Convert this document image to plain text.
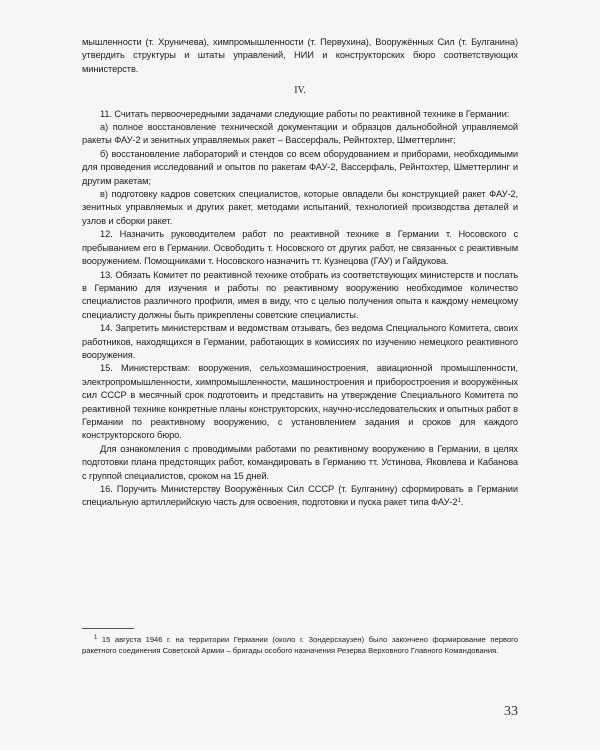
мышленности (т. Хруничева), химпромышленности (т. Первухина), Вооружённых Сил (т. Булганина) утвердить структуры и штаты управлений, НИИ и конструкторских бюро соответствующих министерств.

IV.

11. Считать первоочередными задачами следующие работы по реактивной технике в Германии:

а) полное восстановление технической документации и образцов дальнобойной управляемой ракеты ФАУ-2 и зенитных управляемых ракет – Вассерфаль, Рейнтохтер, Шметтерлинг;

б) восстановление лабораторий и стендов со всем оборудованием и приборами, необходимыми для проведения исследований и опытов по ракетам ФАУ-2, Вассерфаль, Рейнтохтер, Шметтерлинг и другим ракетам;

в) подготовку кадров советских специалистов, которые овладели бы конструкцией ракет ФАУ-2, зенитных управляемых и других ракет, методами испытаний, технологией производства деталей и узлов и сборки ракет.

12. Назначить руководителем работ по реактивной технике в Германии т. Носовского с пребыванием его в Германии. Освободить т. Носовского от других работ, не связанных с реактивным вооружением. Помощниками т. Носовского назначить тт. Кузнецова (ГАУ) и Гайдукова.

13. Обязать Комитет по реактивной технике отобрать из соответствующих министерств и послать в Германию для изучения и работы по реактивному вооружению необходимое количество специалистов различного профиля, имея в виду, что с целью получения опыта к каждому немецкому специалисту должны быть прикреплены советские специалисты.

14. Запретить министерствам и ведомствам отзывать, без ведома Специального Комитета, своих работников, находящихся в Германии, работающих в комиссиях по изучению немецкого реактивного вооружения.

15. Министерствам: вооружения, сельхозмашиностроения, авиационной промышленности, электропромышленности, химпромышленности, машиностроения и приборостроения и вооружённых сил СССР в месячный срок подготовить и представить на утверждение Специального Комитета по реактивной технике конкретные планы конструкторских, научно-исследовательских и опытных работ в Германии по реактивному вооружению, с установлением задания и сроков для каждого конструкторского бюро.

Для ознакомления с проводимыми работами по реактивному вооружению в Германии, в целях подготовки плана предстоящих работ, командировать в Германию тт. Устинова, Яковлева и Кабанова с группой специалистов, сроком на 15 дней.

16. Поручить Министерству Вооружённых Сил СССР (т. Булганину) сформировать в Германии специальную артиллерийскую часть для освоения, подготовки и пуска ракет типа ФАУ-$2^1$.

$^1$ 15 августа 1946 г. на территории Германии (около г. Зондерсхаузен) было закончено формирование первого ракетного соединения Советской Армии – бригады особого назначения Резерва Верховного Главного Командования.
33
